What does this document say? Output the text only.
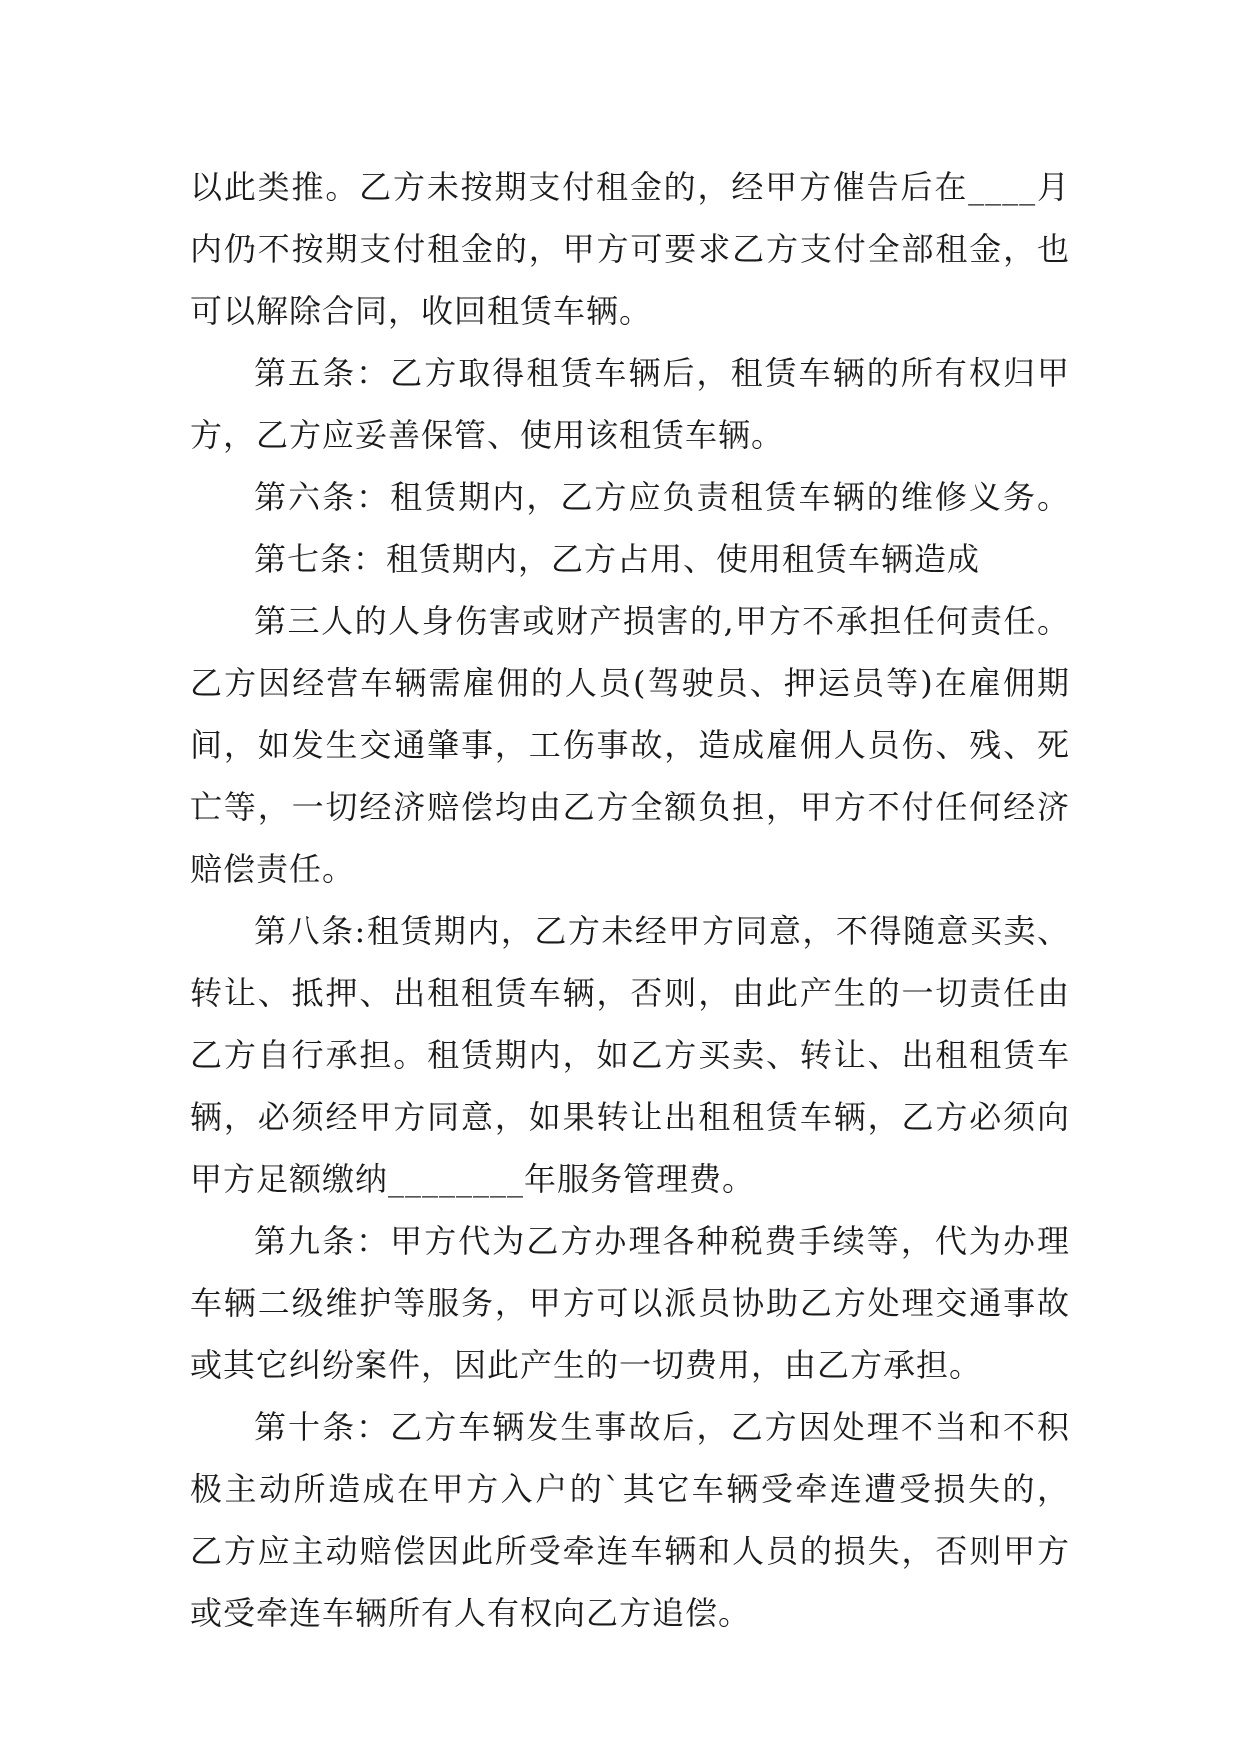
以此类推。乙方未按期支付租金的，经甲方催告后在____月
内仍不按期支付租金的，甲方可要求乙方支付全部租金，也
可以解除合同，收回租赁车辆。
第五条：乙方取得租赁车辆后，租赁车辆的所有权归甲
方，乙方应妥善保管、使用该租赁车辆。
第六条：租赁期内，乙方应负责租赁车辆的维修义务。
第七条：租赁期内，乙方占用、使用租赁车辆造成
第三人的人身伤害或财产损害的,甲方不承担任何责任。
乙方因经营车辆需雇佣的人员(驾驶员、押运员等)在雇佣期
间，如发生交通肇事，工伤事故，造成雇佣人员伤、残、死
亡等，一切经济赔偿均由乙方全额负担，甲方不付任何经济
赔偿责任。
第八条:租赁期内，乙方未经甲方同意，不得随意买卖、
转让、抵押、出租租赁车辆，否则，由此产生的一切责任由
乙方自行承担。租赁期内，如乙方买卖、转让、出租租赁车
辆，必须经甲方同意，如果转让出租租赁车辆，乙方必须向
甲方足额缴纳________年服务管理费。
第九条：甲方代为乙方办理各种税费手续等，代为办理
车辆二级维护等服务，甲方可以派员协助乙方处理交通事故
或其它纠纷案件，因此产生的一切费用，由乙方承担。
第十条：乙方车辆发生事故后，乙方因处理不当和不积
极主动所造成在甲方入户的`其它车辆受牵连遭受损失的，
乙方应主动赔偿因此所受牵连车辆和人员的损失，否则甲方
或受牵连车辆所有人有权向乙方追偿。
